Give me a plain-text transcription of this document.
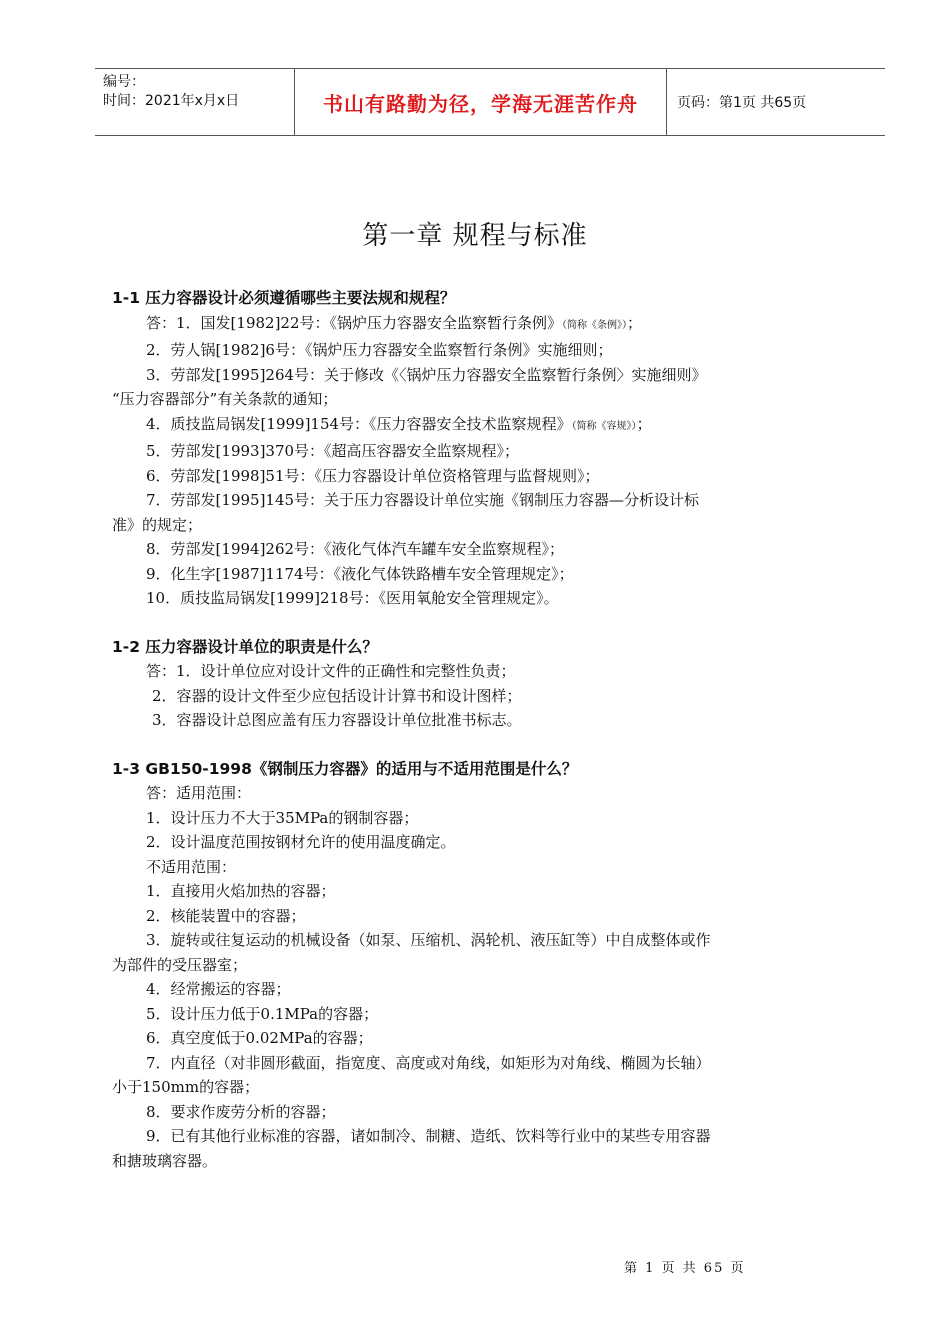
编号：
时间：2021年x月x日	书山有路勤为径，学海无涯苦作舟	页码：第1页 共65页
第一章 规程与标准
1-1 压力容器设计必须遵循哪些主要法规和规程？
答：1．国发[1982]22号：《锅炉压力容器安全监察暂行条例》（简称《条例》）；
2．劳人锅[1982]6号：《锅炉压力容器安全监察暂行条例》实施细则；
3．劳部发[1995]264号：关于修改《〈锅炉压力容器安全监察暂行条例〉实施细则》
“压力容器部分”有关条款的通知；
4．质技监局锅发[1999]154号：《压力容器安全技术监察规程》（简称《容规》）；
5．劳部发[1993]370号：《超高压容器安全监察规程》；
6．劳部发[1998]51号：《压力容器设计单位资格管理与监督规则》；
7．劳部发[1995]145号：关于压力容器设计单位实施《钢制压力容器—分析设计标
准》的规定；
8．劳部发[1994]262号：《液化气体汽车罐车安全监察规程》；
9．化生字[1987]1174号：《液化气体铁路槽车安全管理规定》；
10．质技监局锅发[1999]218号：《医用氧舱安全管理规定》。
1-2 压力容器设计单位的职责是什么？
答：1．设计单位应对设计文件的正确性和完整性负责；
2．容器的设计文件至少应包括设计计算书和设计图样；
3．容器设计总图应盖有压力容器设计单位批准书标志。
1-3 GB150-1998《钢制压力容器》的适用与不适用范围是什么？
答：适用范围：
1．设计压力不大于35MPa的钢制容器；
2．设计温度范围按钢材允许的使用温度确定。
不适用范围：
1．直接用火焰加热的容器；
2．核能装置中的容器；
3．旋转或往复运动的机械设备（如泵、压缩机、涡轮机、液压缸等）中自成整体或作
为部件的受压器室；
4．经常搬运的容器；
5．设计压力低于0.1MPa的容器；
6．真空度低于0.02MPa的容器；
7．内直径（对非圆形截面，指宽度、高度或对角线，如矩形为对角线、椭圆为长轴）
小于150mm的容器；
8．要求作废劳分析的容器；
9．已有其他行业标准的容器，诸如制冷、制糖、造纸、饮料等行业中的某些专用容器
和搪玻璃容器。
第 1 页 共 65 页
